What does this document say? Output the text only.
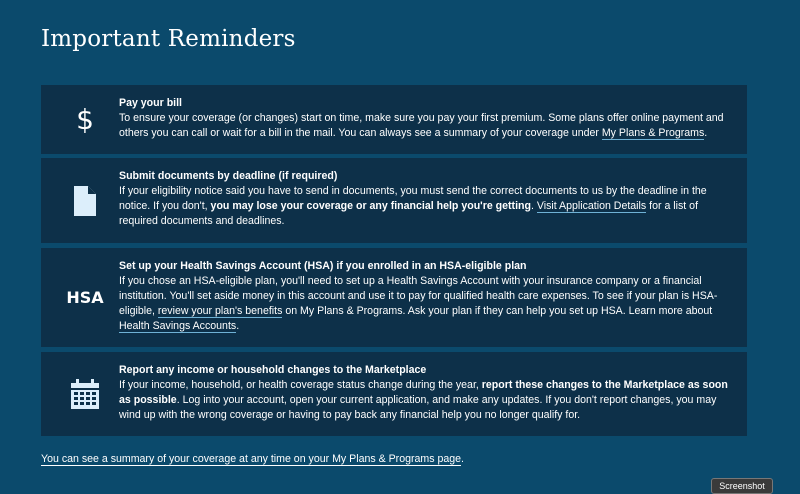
Important Reminders
$ Pay your bill
To ensure your coverage (or changes) start on time, make sure you pay your first premium. Some plans offer online payment and others you can call or wait for a bill in the mail. You can always see a summary of your coverage under My Plans & Programs.
Submit documents by deadline (if required)
If your eligibility notice said you have to send in documents, you must send the correct documents to us by the deadline in the notice. If you don't, you may lose your coverage or any financial help you're getting. Visit Application Details for a list of required documents and deadlines.
HSA
Set up your Health Savings Account (HSA) if you enrolled in an HSA-eligible plan
If you chose an HSA-eligible plan, you'll need to set up a Health Savings Account with your insurance company or a financial institution. You'll set aside money in this account and use it to pay for qualified health care expenses. To see if your plan is HSA-eligible, review your plan's benefits on My Plans & Programs. Ask your plan if they can help you set up HSA. Learn more about Health Savings Accounts.
Report any income or household changes to the Marketplace
If your income, household, or health coverage status change during the year, report these changes to the Marketplace as soon as possible. Log into your account, open your current application, and make any updates. If you don't report changes, you may wind up with the wrong coverage or having to pay back any financial help you no longer qualify for.
You can see a summary of your coverage at any time on your My Plans & Programs page.
Screenshot
